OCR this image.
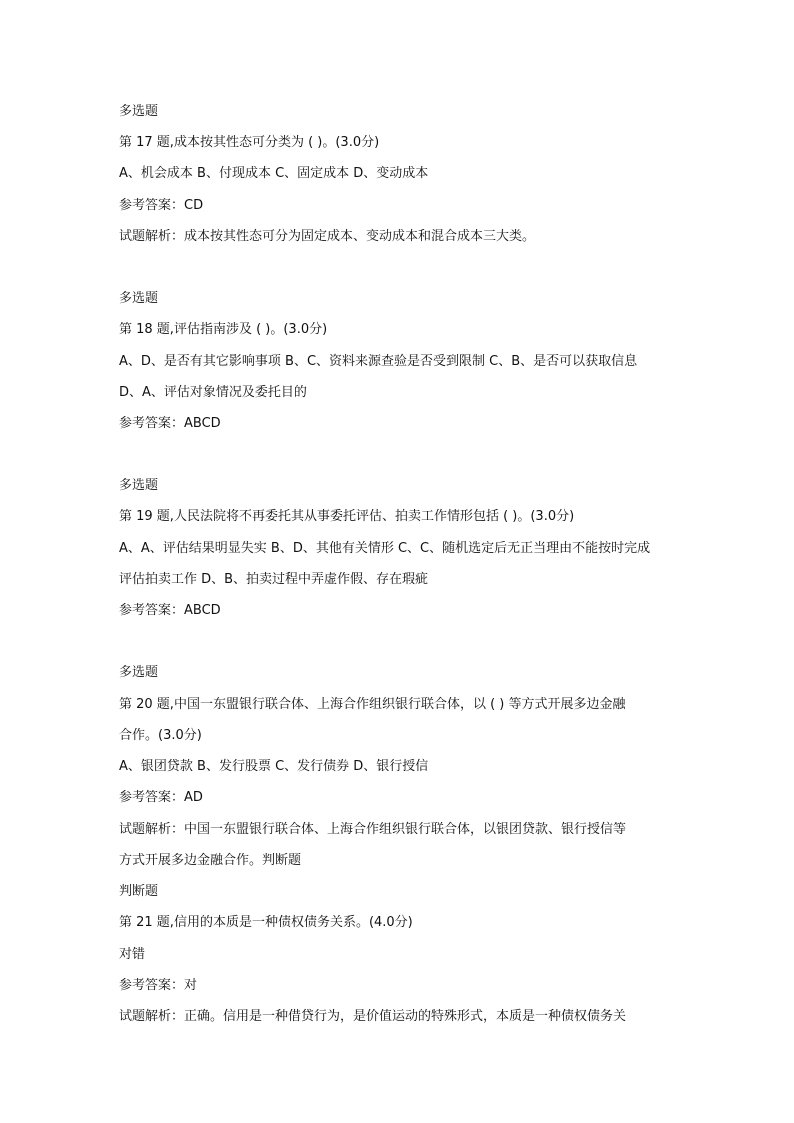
多选题
第 17 题,成本按其性态可分类为 ( )。(3.0分)
A、机会成本 B、付现成本 C、固定成本 D、变动成本
参考答案：CD
试题解析：成本按其性态可分为固定成本、变动成本和混合成本三大类。
多选题
第 18 题,评估指南涉及 ( )。(3.0分)
A、D、是否有其它影响事项 B、C、资料来源查验是否受到限制 C、B、是否可以获取信息
D、A、评估对象情况及委托目的
参考答案：ABCD
多选题
第 19 题,人民法院将不再委托其从事委托评估、拍卖工作情形包括 ( )。(3.0分)
A、A、评估结果明显失实 B、D、其他有关情形 C、C、随机选定后无正当理由不能按时完成
评估拍卖工作 D、B、拍卖过程中弄虚作假、存在瑕疵
参考答案：ABCD
多选题
第 20 题,中国一东盟银行联合体、上海合作组织银行联合体，以 ( ) 等方式开展多边金融
合作。(3.0分)
A、银团贷款 B、发行股票 C、发行债券 D、银行授信
参考答案：AD
试题解析：中国一东盟银行联合体、上海合作组织银行联合体，以银团贷款、银行授信等
方式开展多边金融合作。判断题
判断题
第 21 题,信用的本质是一种债权债务关系。(4.0分)
对错
参考答案：对
试题解析：正确。信用是一种借贷行为，是价值运动的特殊形式，本质是一种债权债务关
